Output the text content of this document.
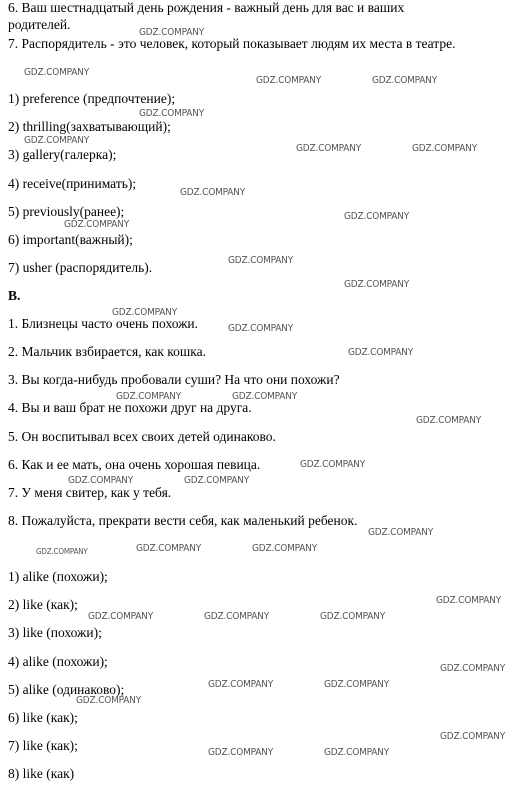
6. Ваш шестнадцатый день рождения - важный день для вас и ваших
родителей.
7. Распорядитель - это человек, который показывает людям их места в театре.
1) preference (предпочтение);
2) thrilling(захватывающий);
3) gallery(галерка);
4) receive(принимать);
5) previously(ранее);
6) important(важный);
7) usher (распорядитель).
B.
1. Близнецы часто очень похожи.
2. Мальчик взбирается, как кошка.
3. Вы когда-нибудь пробовали суши? На что они похожи?
4. Вы и ваш брат не похожи друг на друга.
5. Он воспитывал всех своих детей одинаково.
6. Как и ее мать, она очень хорошая певица.
7. У меня свитер, как у тебя.
8. Пожалуйста, прекрати вести себя, как маленький ребенок.
1) alike (похожи);
2) like (как);
3) like (похожи);
4) alike (похожи);
5) alike (одинаково);
6) like (как);
7) like (как);
8) like (как)
GDZ.COMPANY
GDZ.COMPANY
GDZ.COMPANY	GDZ.COMPANY
GDZ.COMPANY
GDZ.COMPANY
GDZ.COMPANY	GDZ.COMPANY
GDZ.COMPANY
GDZ.COMPANY
GDZ.COMPANY
GDZ.COMPANY
GDZ.COMPANY
GDZ.COMPANY
GDZ.COMPANY
GDZ.COMPANY
GDZ.COMPANY	GDZ.COMPANY
GDZ.COMPANY
GDZ.COMPANY
GDZ.COMPANY	GDZ.COMPANY
GDZ.COMPANY
GDZ.COMPANY	GDZ.COMPANY	GDZ.COMPANY
GDZ.COMPANY
GDZ.COMPANY	GDZ.COMPANY	GDZ.COMPANY
GDZ.COMPANY
GDZ.COMPANY	GDZ.COMPANY
GDZ.COMPANY
GDZ.COMPANY
GDZ.COMPANY	GDZ.COMPANY
